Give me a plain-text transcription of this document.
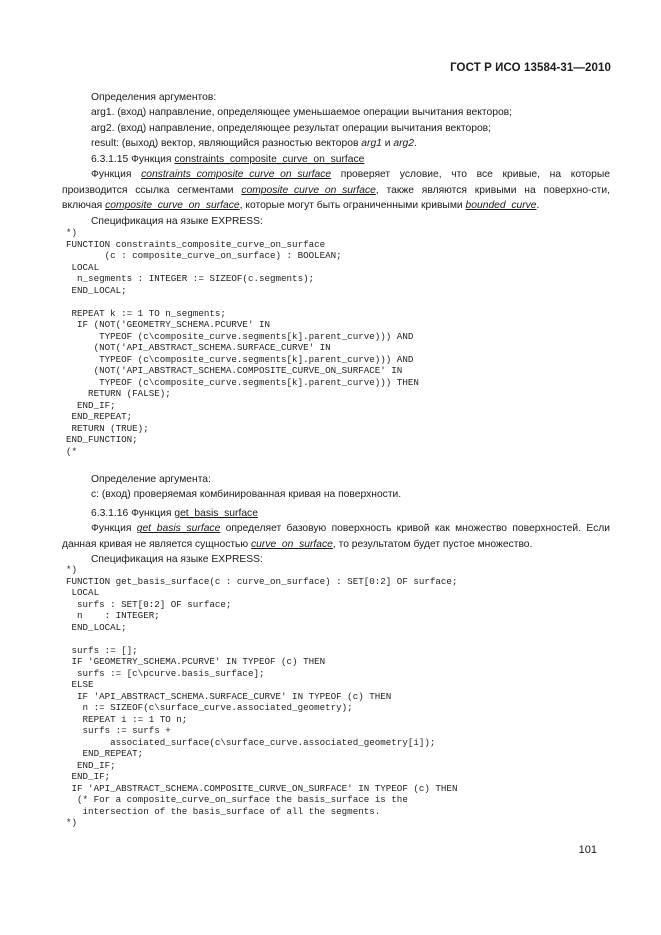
ГОСТ Р ИСО 13584-31—2010

Определения аргументов:

arg1. (вход) направление, определяющее уменьшаемое операции вычитания векторов;

arg2. (вход) направление, определяющее результат операции вычитания векторов;

result: (выход) вектор, являющийся разностью векторов arg1 и arg2.

6.3.1.15 Функция constraints_composite_curve_on_surface

Функция constraints_composite_curve_on_surface проверяет условие, что все кривые, на которые производится ссылка сегментами composite_curve_on_surface, также являются кривыми на поверхно-сти, включая composite_curve_on_surface, которые могут быть ограниченными кривыми bounded_curve.

Спецификация на языке EXPRESS:

*)
FUNCTION constraints_composite_curve_on_surface
(c : composite_curve_on_surface) : BOOLEAN;
LOCAL
n_segments : INTEGER := SIZEOF(c.segments);
END_LOCAL;

REPEAT k := 1 TO n_segments;
IF (NOT('GEOMETRY_SCHEMA.PCURVE' IN
TYPEOF (c\composite_curve.segments[k].parent_curve))) AND
(NOT('API_ABSTRACT_SCHEMA.SURFACE_CURVE' IN
TYPEOF (c\composite_curve.segments[k].parent_curve))) AND
(NOT('API_ABSTRACT_SCHEMA.COMPOSITE_CURVE_ON_SURFACE' IN
TYPEOF (c\composite_curve.segments[k].parent_curve))) THEN
RETURN (FALSE);
END_IF;
END_REPEAT;
RETURN (TRUE);
END_FUNCTION;
(*

Определение аргумента:

c: (вход) проверяемая комбинированная кривая на поверхности.

6.3.1.16 Функция get_basis_surface

Функция get_basis_surface определяет базовую поверхность кривой как множество поверхностей. Если данная кривая не является сущностью curve_on_surface, то результатом будет пустое множество.

Спецификация на языке EXPRESS:

*)
FUNCTION get_basis_surface(c : curve_on_surface) : SET[0:2] OF surface;
LOCAL
surfs : SET[0:2] OF surface;
n    : INTEGER;
END_LOCAL;

surfs := [];
IF 'GEOMETRY_SCHEMA.PCURVE' IN TYPEOF (c) THEN
surfs := [c\pcurve.basis_surface];
ELSE
IF 'API_ABSTRACT_SCHEMA.SURFACE_CURVE' IN TYPEOF (c) THEN
n := SIZEOF(c\surface_curve.associated_geometry);
REPEAT i := 1 TO n;
surfs := surfs +
associated_surface(c\surface_curve.associated_geometry[i]);
END_REPEAT;
END_IF;
END_IF;
IF 'API_ABSTRACT_SCHEMA.COMPOSITE_CURVE_ON_SURFACE' IN TYPEOF (c) THEN
(* For a composite_curve_on_surface the basis_surface is the
intersection of the basis_surface of all the segments.
*)
101
